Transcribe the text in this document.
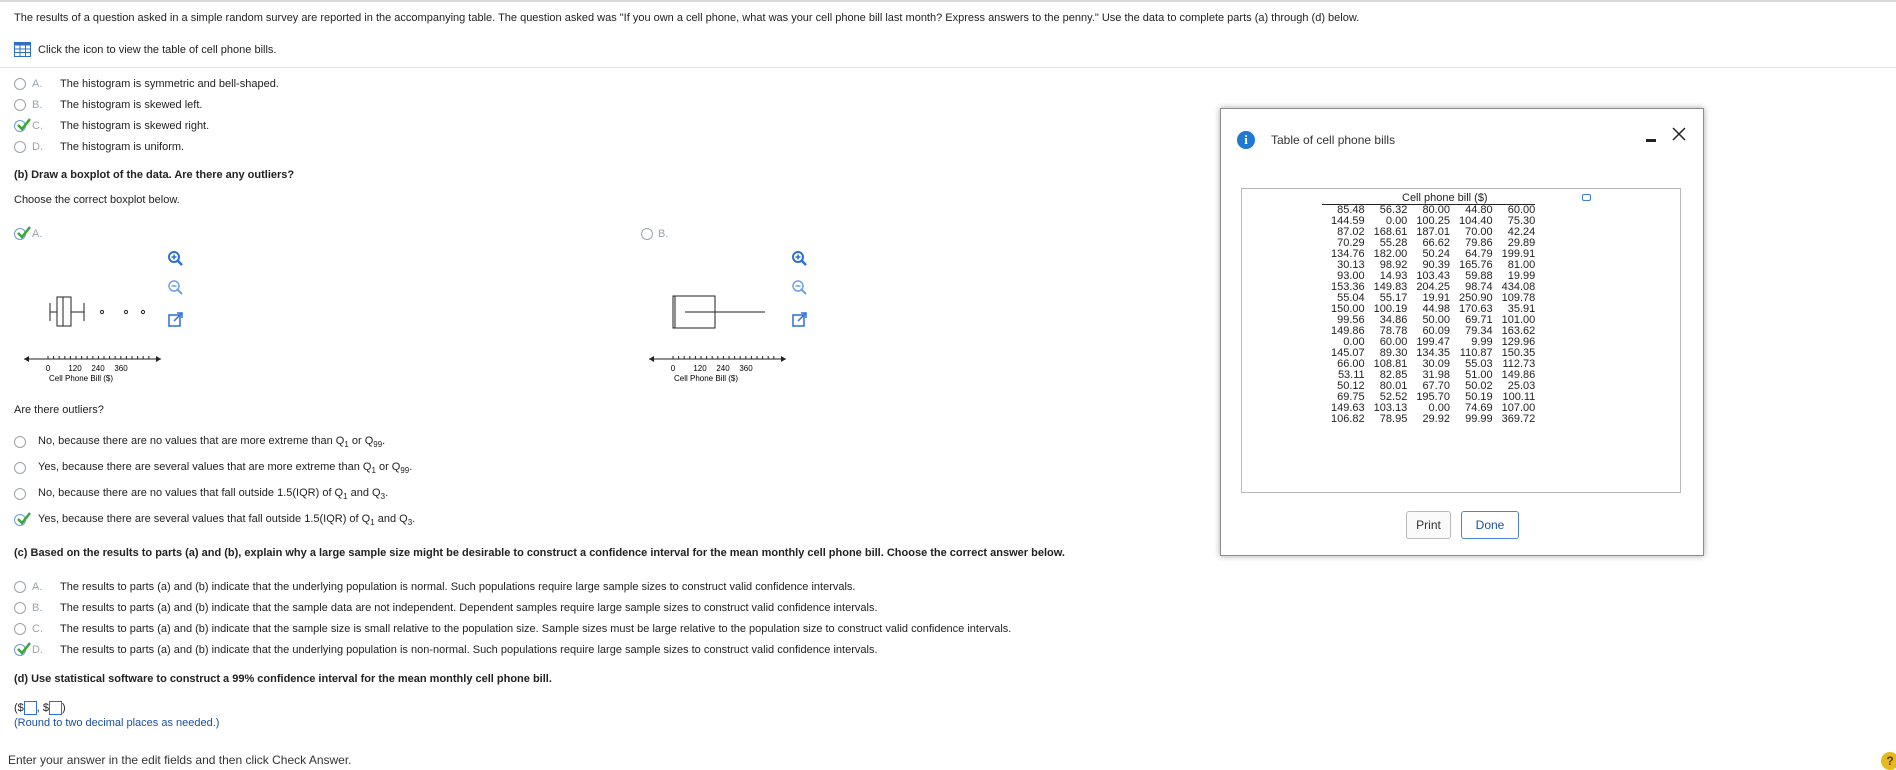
The results of a question asked in a simple random survey are reported in the accompanying table. The question asked was "If you own a cell phone, what was your cell phone bill last month? Express answers to the penny." Use the data to complete parts (a) through (d) below.
Click the icon to view the table of cell phone bills.
A.	The histogram is symmetric and bell-shaped.
B.	The histogram is skewed left.
C.	The histogram is skewed right.
D.	The histogram is uniform.
(b) Draw a boxplot of the data. Are there any outliers?
Choose the correct boxplot below.
A.	B.
0 120 240 360
Cell Phone Bill ($)
0 120 240 360
Cell Phone Bill ($)
Are there outliers?
No, because there are no values that are more extreme than $Q_1$ or $Q_{99}$.
Yes, because there are several values that are more extreme than $Q_1$ or $Q_{99}$.
No, because there are no values that fall outside 1.5(IQR) of $Q_1$ and $Q_3$.
Yes, because there are several values that fall outside 1.5(IQR) of $Q_1$ and $Q_3$.
(c) Based on the results to parts (a) and (b), explain why a large sample size might be desirable to construct a confidence interval for the mean monthly cell phone bill. Choose the correct answer below.
A.	The results to parts (a) and (b) indicate that the underlying population is normal. Such populations require large sample sizes to construct valid confidence intervals.
B.	The results to parts (a) and (b) indicate that the sample data are not independent. Dependent samples require large sample sizes to construct valid confidence intervals.
C.	The results to parts (a) and (b) indicate that the sample size is small relative to the population size. Sample sizes must be large relative to the population size to construct valid confidence intervals.
D.	The results to parts (a) and (b) indicate that the underlying population is non-normal. Such populations require large sample sizes to construct valid confidence intervals.
(d) Use statistical software to construct a 99% confidence interval for the mean monthly cell phone bill.
($ , $ )
(Round to two decimal places as needed.)
Enter your answer in the edit fields and then click Check Answer.	?
i	Table of cell phone bills
Cell phone bill ($)
85.48	56.32	80.00	44.80	60.00
144.59	0.00	100.25	104.40	75.30
87.02	168.61	187.01	70.00	42.24
70.29	55.28	66.62	79.86	29.89
134.76	182.00	50.24	64.79	199.91
30.13	98.92	90.39	165.76	81.00
93.00	14.93	103.43	59.88	19.99
153.36	149.83	204.25	98.74	434.08
55.04	55.17	19.91	250.90	109.78
150.00	100.19	44.98	170.63	35.91
99.56	34.86	50.00	69.71	101.00
149.86	78.78	60.09	79.34	163.62
0.00	60.00	199.47	9.99	129.96
145.07	89.30	134.35	110.87	150.35
66.00	108.81	30.09	55.03	112.73
53.11	82.85	31.98	51.00	149.86
50.12	80.01	67.70	50.02	25.03
69.75	52.52	195.70	50.19	100.11
149.63	103.13	0.00	74.69	107.00
106.82	78.95	29.92	99.99	369.72
Print	Done
